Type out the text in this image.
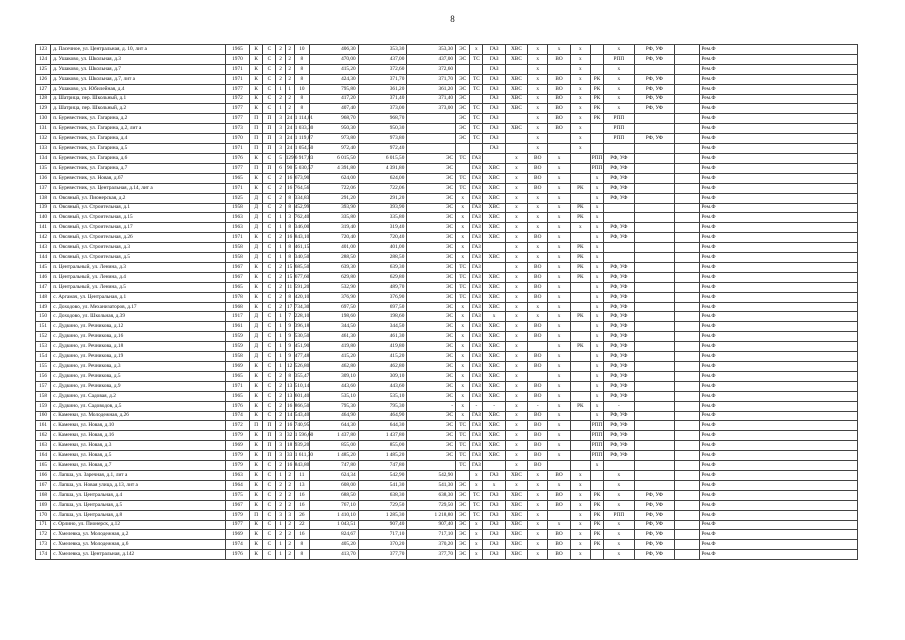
8
123	д. Пасечное, ул. Центральная, д. 10, лит а	1965	К	С	2	2	10	406,30	353,30	353,30	ЭС	х	ГАЗ	ХВС	х	х	х		х	РФ, УФ		Рем.Ф
124	д. Ушаково, ул. Школьная, д.3	1970	К	С	2	2	8	470,00	437,00	437,00	ЭС	ТС	ГАЗ	ХВС	х	ВО	х		РПП	РФ, УФ		Рем.Ф
125	д. Ушаково, ул. Школьная, д.7	1971	К	С	2	2	8	415,20	372,60	372,60			ГАЗ		х		х		х			Рем.Ф
126	д. Ушаково, ул. Школьная, д.7, лит а	1971	К	С	2	2	8	424,30	371,70	371,70	ЭС	ТС	ГАЗ	ХВС	х	ВО	х	РК	х	РФ, УФ		Рем.Ф
127	д. Ушаково, ул. Юбилейная, д.4	1977	К	С	1	1	10	795,80	361,20	361,20	ЭС	ТС	ГАЗ	ХВС	х	ВО	х	РК	х	РФ, УФ		Рем.Ф
128	д. Шатрица, пер. Школьный, д.1	1972	К	С	2	2	8	417,20	371,40	371,40	ЭС		ГАЗ	ХВС	х	ВО	х	РК	х	РФ, УФ		Рем.Ф
129	д. Шатрица, пер. Школьный, д.2	1977	К	С	1	2	8	407,40	373,00	373,00	ЭС	ТС	ГАЗ	ХВС	х	ВО	х	РК	х	РФ, УФ		Рем.Ф
130	п. Буревестник, ул. Гагарина, д.2	1977	П	П	3	24	1 114,01	968,70	968,70		ЭС	ТС	ГАЗ		х	ВО	х	РК	РПП			Рем.Ф
131	п. Буревестник, ул. Гагарина, д.2, лит а	1973	П	П	3	24	1 033,30	950,30	950,30		ЭС	ТС	ГАЗ	ХВС	х	ВО	х		РПП			Рем.Ф
132	п. Буревестник, ул. Гагарина, д.4	1970	П	П	3	24	1 119,87	973,80	973,80		ЭС	ТС	ГАЗ		х		х		РПП	РФ, УФ		Рем.Ф
133	п. Буревестник, ул. Гагарина, д.5	1971	П	П	3	24	1 054,50	972,40	972,40				ГАЗ		х		х					Рем.Ф
134	п. Буревестник, ул. Гагарина, д.6	1976	К	С	5	129	6 917,83	6 015,50	6 015,50	ЭС	ТС	ГАЗ		х	ВО	х		РПП	РФ, УФ			Рем.Ф
135	п. Буревестник, ул. Гагарина, д.7	1977	П	П	6	90	5 030,57	4 391,80	4 391,80	ЭС		ГАЗ	ХВС	х	ВО	х		РПП	РФ, УФ			Рем.Ф
136	п. Буревестник, ул. Новая, д.67	1965	К	С	2	16	673,90	624,00	624,00	ЭС	ТС	ГАЗ	ХВС	х	ВО	х		х	РФ, УФ			Рем.Ф
137	п. Буревестник, ул. Центральная, д.14, лит а	1971	К	С	2	16	764,56	722,06	722,06	ЭС	ТС	ГАЗ	ХВС	х	ВО	х	РК	х	РФ, УФ			Рем.Ф
138	п. Овсяный, ул. Пионерская, д.2	1925	Д	С	2	8	334,83	291,20	291,20	ЭС	х	ГАЗ	ХВС	х	х	х		х	РФ, УФ			Рем.Ф
139	п. Овсяный, ул. Строительная, д.1	1958	Д	С	2	8	452,99	393,90	393,90	ЭС	х	ГАЗ	ХВС	х	х	х	РК	х				Рем.Ф
140	п. Овсяный, ул. Строительная, д.15	1963	Д	С	1	3	762,40	335,80	335,80	ЭС	х	ГАЗ	ХВС	х	х	х	РК	х				Рем.Ф
141	п. Овсяный, ул. Строительная, д.17	1963	Д	С	1	8	346,00	319,40	319,40	ЭС	х	ГАЗ	ХВС	х	х	х	х	х	РФ, УФ			Рем.Ф
142	п. Овсяный, ул. Строительная, д.26	1971	К	С	2	16	843,10	720,40	720,40	ЭС	х	ГАЗ	ХВС	х	ВО	х		х	РФ, УФ			Рем.Ф
143	п. Овсяный, ул. Строительная, д.3	1958	Д	С	1	8	461,15	401,00	401,00	ЭС	х	ГАЗ		х	х	х	РК	х				Рем.Ф
144	п. Овсяный, ул. Строительная, д.5	1958	Д	С	1	8	340,50	288,50	288,50	ЭС	х	ГАЗ	ХВС	х	х	х	РК	х				Рем.Ф
145	п. Центральный, ул. Ленина, д.3	1967	К	С	2	15	685,50	639,30	639,30	ЭС	ТС	ГАЗ		х	ВО	х	РК	х	РФ, УФ			Рем.Ф
146	п. Центральный, ул. Ленина, д.4	1967	К	С	2	15	677,60	629,80	629,80	ЭС	ТС	ГАЗ	ХВС	х	ВО	х	РК	х	РФ, УФ			Рем.Ф
147	п. Центральный, ул. Ленина, д.5	1965	К	С	2	11	591,20	532,90	489,70	ЭС	ТС	ГАЗ	ХВС	х	ВО	х		х	РФ, УФ			Рем.Ф
148	с. Аргамач, ул. Центральная, д.1	1978	К	С	2	8	420,10	376,90	376,90	ЭС	ТС	ГАЗ	ХВС	х	ВО	х		х	РФ, УФ			Рем.Ф
149	с. Доходово, ул. Механизаторов, д.17	1968	К	С	2	17	734,30	697,50	697,50	ЭС	х	ГАЗ	ХВС	х	х	х		х	РФ, УФ			Рем.Ф
150	с. Доходово, ул. Школьная, д.39	1917	Д	С	1	7	228,10	198,60	198,60	ЭС	х	ГАЗ	х	х	х	х	РК	х	РФ, УФ			Рем.Ф
151	с. Дудкино, ул. Речникова, д.12	1961	Д	С	1	9	396,18	344,50	344,50	ЭС	х	ГАЗ	ХВС	х	ВО	х		х	РФ, УФ			Рем.Ф
152	с. Дудкино, ул. Речникова, д.16	1959	Д	С	1	9	530,50	461,30	461,30	ЭС	х	ГАЗ	ХВС	х	ВО	х		х	РФ, УФ			Рем.Ф
153	с. Дудкино, ул. Речникова, д.18	1959	Д	С	1	9	451,90	419,80	419,80	ЭС	х	ГАЗ	ХВС	х		х	РК	х	РФ, УФ			Рем.Ф
154	с. Дудкино, ул. Речникова, д.19	1958	Д	С	1	9	477,48	415,20	415,20	ЭС	х	ГАЗ	ХВС	х	ВО	х		х	РФ, УФ			Рем.Ф
155	с. Дудкино, ул. Речникова, д.3	1969	К	С	1	12	526,80	462,80	462,80	ЭС	х	ГАЗ	ХВС	х	ВО	х		х	РФ, УФ			Рем.Ф
156	с. Дудкино, ул. Речникова, д.5	1965	К	С	2	8	355,47	309,10	309,10	ЭС	х	ГАЗ	ХВС	х		х		х	РФ, УФ			Рем.Ф
157	с. Дудкино, ул. Речникова, д.9	1971	К	С	2	13	510,14	443,60	443,60	ЭС	х	ГАЗ	ХВС	х	ВО	х		х	РФ, УФ			Рем.Ф
158	с. Дудкино, ул. Садовая, д.2	1965	К	С	2	13	601,40	535,10	535,10	ЭС	х	ГАЗ	ХВС	х	ВО	х		х	РФ, УФ			Рем.Ф
159	с. Дудкино, ул. Садоводов, д.5	1976	К	С	2	16	866,50	795,30	795,30	-	х	-	-	х	-	х	РК	х	-			Рем.Ф
160	с. Каменки, ул. Молодежная, д.26	1974	К	С	2	14	543,40	464,90	464,90	ЭС	х	ГАЗ	ХВС	х	ВО	х		х	РФ, УФ			Рем.Ф
161	с. Каменки, ул. Новая, д.10	1972	П	П	2	16	740,95	644,30	644,30	ЭС	ТС	ГАЗ	ХВС	х	ВО	х		РПП	РФ, УФ			Рем.Ф
162	с. Каменки, ул. Новая, д.16	1979	К	П	3	32	1 596,60	1 437,80	1 437,80	ЭС	ТС	ГАЗ	ХВС	х	ВО	х		РПП	РФ, УФ			Рем.Ф
163	с. Каменки, ул. Новая, д.3	1969	К	П	3	18	939,20	855,00	855,00	ЭС	ТС	ГАЗ	ХВС	х	ВО	х		РПП	РФ, УФ			Рем.Ф
164	с. Каменки, ул. Новая, д.5	1979	К	П	3	33	1 611,30	1 485,20	1 485,20	ЭС	ТС	ГАЗ	ХВС	х	ВО	х		РПП	РФ, УФ			Рем.Ф
165	с. Каменки, ул. Новая, д.7	1979	К	С	2	16	843,80	747,80	747,80		ТС	ГАЗ		х	ВО			х				Рем.Ф
166	с. Лапша, ул. Заречная, д.1, лит а	1963	К	С	1	2	11	624,34	542,90	542,90		х	ГАЗ	ХВС	х	ВО	х		х			Рем.Ф
167	с. Лапша, ул. Новая улица, д.13, лит а	1964	К	С	2	2	13	608,00	541,30	541,30	ЭС	х	х	х	х	х	х		х			Рем.Ф
168	с. Лапша, ул. Центральная, д.4	1975	К	С	2	2	16	688,50	638,30	638,30	ЭС	ТС	ГАЗ	ХВС	х	ВО	х	РК	х	РФ, УФ		Рем.Ф
169	с. Лапша, ул. Центральная, д.5	1967	К	С	2	2	16	767,10	729,50	729,50	ЭС	ТС	ГАЗ	ХВС	х	ВО	х	РК	х	РФ, УФ		Рем.Ф
170	с. Лапша, ул. Центральная, д.8	1979	П	С	3	3	26	1 410,10	1 285,30	1 218,80	ЭС	ТС	ГАЗ	ХВС	х		х	РК	РПП	РФ, УФ		Рем.Ф
171	с. Орлино, ул. Пионерск, д.12	1977	К	С	1	2	22	1 043,51	907,40	907,40	ЭС	х	ГАЗ	ХВС	х	х	х	РК	х	РФ, УФ		Рем.Ф
172	с. Хмелевка, ул. Молодежная, д.2	1969	К	С	2	2	16	824,67	717,10	717,10	ЭС	х	ГАЗ	ХВС	х	ВО	х	РК	х	РФ, УФ		Рем.Ф
173	с. Хмелевка, ул. Молодежная, д.6	1974	К	С	1	2	8	405,20	370,20	370,20	ЭС	х	ГАЗ	ХВС	х	ВО	х	РК	х	РФ, УФ		Рем.Ф
174	с. Хмелевка, ул. Центральная, д.142	1976	К	С	1	2	8	413,70	377,70	377,70	ЭС	х	ГАЗ	ХВС	х	ВО	х		х	РФ, УФ		Рем.Ф
